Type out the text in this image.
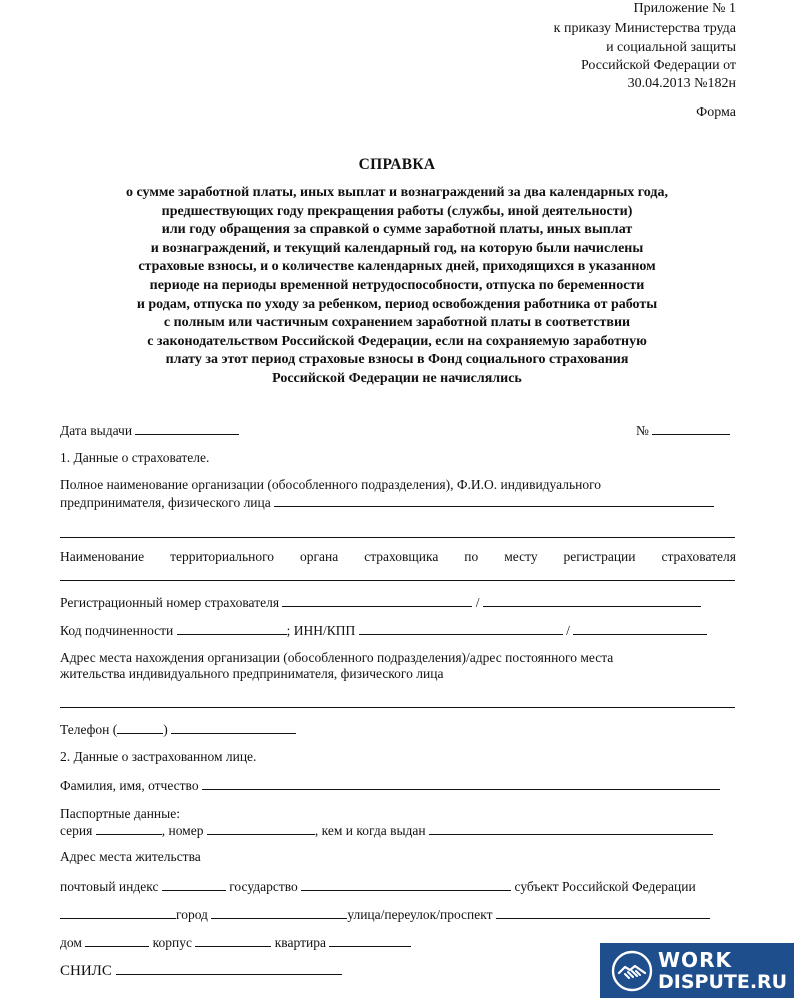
Приложение № 1
к приказу Министерства труда
и социальной защиты
Российской Федерации от
30.04.2013 №182н
Форма
СПРАВКА
о сумме заработной платы, иных выплат и вознаграждений за два календарных года,
предшествующих году прекращения работы (службы, иной деятельности)
или году обращения за справкой о сумме заработной платы, иных выплат
и вознаграждений, и текущий календарный год, на которую были начислены
страховые взносы, и о количестве календарных дней, приходящихся в указанном
периоде на периоды временной нетрудоспособности, отпуска по беременности
и родам, отпуска по уходу за ребенком, период освобождения работника от работы
с полным или частичным сохранением заработной платы в соответствии
с законодательством Российской Федерации, если на сохраняемую заработную
плату за этот период страховые взносы в Фонд социального страхования
Российской Федерации не начислялись
Дата выдачи	№
1. Данные о страхователе.
Полное наименование организации (обособленного подразделения), Ф.И.О. индивидуального
предпринимателя, физического лица
Наименование территориального органа страховщика по месту регистрации страхователя
Регистрационный номер страхователя	/
Код подчиненности	; ИНН/КПП	/
Адрес места нахождения организации (обособленного подразделения)/адрес постоянного места
жительства индивидуального предпринимателя, физического лица
Телефон (	)
2. Данные о застрахованном лице.
Фамилия, имя, отчество
Паспортные данные:
серия	, номер	, кем и когда выдан
Адрес места жительства
почтовый индекс	государство	субъект Российской Федерации
город	улица/переулок/проспект
дом	корпус	квартира
СНИЛС	WORK
DISPUTE.RU
